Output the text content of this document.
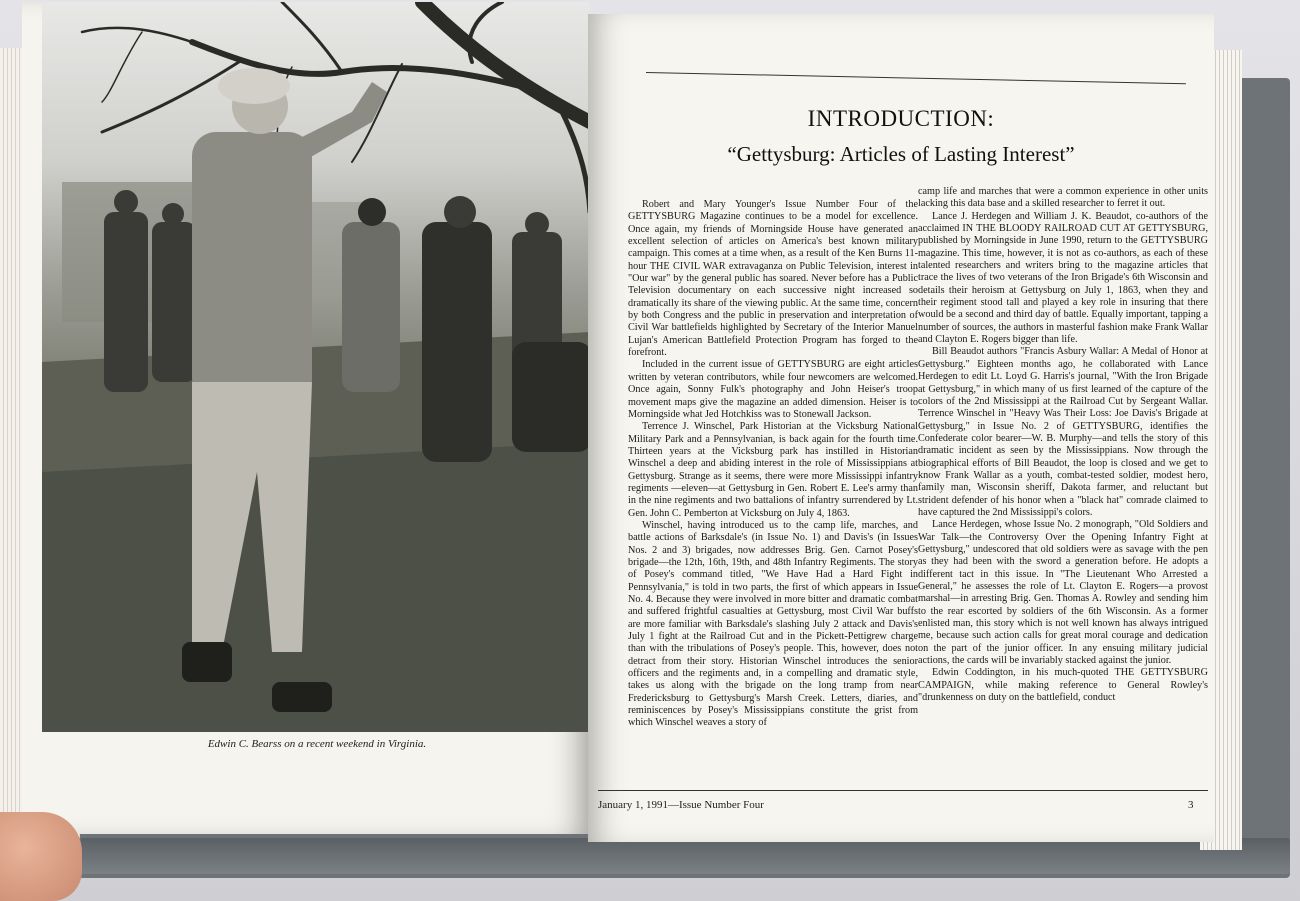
Edwin C. Bearss on a recent weekend in Virginia.
INTRODUCTION:
“Gettysburg: Articles of Lasting Interest”

Robert and Mary Younger's Issue Number Four of the GETTYSBURG Magazine continues to be a model for excellence. Once again, my friends of Morningside House have generated an excellent selection of articles on America's best known military campaign. This comes at a time when, as a result of the Ken Burns 11-hour THE CIVIL WAR extravaganza on Public Television, interest in "Our war" by the general public has soared. Never before has a Public Television documentary on each successive night increased so dramatically its share of the viewing public. At the same time, concern by both Congress and the public in preservation and interpretation of Civil War battlefields highlighted by Secretary of the Interior Manuel Lujan's American Battlefield Protection Program has forged to the forefront.

Included in the current issue of GETTYSBURG are eight articles written by veteran contributors, while four newcomers are welcomed. Once again, Sonny Fulk's photography and John Heiser's troop movement maps give the magazine an added dimension. Heiser is to Morningside what Jed Hotchkiss was to Stonewall Jackson.

Terrence J. Winschel, Park Historian at the Vicksburg National Military Park and a Pennsylvanian, is back again for the fourth time. Thirteen years at the Vicksburg park has instilled in Historian Winschel a deep and abiding interest in the role of Mississippians at Gettysburg. Strange as it seems, there were more Mississippi infantry regiments —eleven—at Gettysburg in Gen. Robert E. Lee's army than in the nine regiments and two battalions of infantry surrendered by Lt. Gen. John C. Pemberton at Vicksburg on July 4, 1863.

Winschel, having introduced us to the camp life, marches, and battle actions of Barksdale's (in Issue No. 1) and Davis's (in Issues Nos. 2 and 3) brigades, now addresses Brig. Gen. Carnot Posey's brigade—the 12th, 16th, 19th, and 48th Infantry Regiments. The story of Posey's command titled, "We Have Had a Hard Fight in Pennsylvania," is told in two parts, the first of which appears in Issue No. 4. Because they were involved in more bitter and dramatic combat and suffered frightful casualties at Gettysburg, most Civil War buffs are more familiar with Barksdale's slashing July 2 attack and Davis's July 1 fight at the Railroad Cut and in the Pickett-Pettigrew charge than with the tribulations of Posey's people. This, however, does not detract from their story. Historian Winschel introduces the senior officers and the regiments and, in a compelling and dramatic style, takes us along with the brigade on the long tramp from near Fredericksburg to Gettysburg's Marsh Creek. Letters, diaries, and reminiscences by Posey's Mississippians constitute the grist from which Winschel weaves a story of

camp life and marches that were a common experience in other units lacking this data base and a skilled researcher to ferret it out.

Lance J. Herdegen and William J. K. Beaudot, co-authors of the acclaimed IN THE BLOODY RAILROAD CUT AT GETTYSBURG, published by Morningside in June 1990, return to the GETTYSBURG magazine. This time, however, it is not as co-authors, as each of these talented researchers and writers bring to the magazine articles that trace the lives of two veterans of the Iron Brigade's 6th Wisconsin and details their heroism at Gettysburg on July 1, 1863, when they and their regiment stood tall and played a key role in insuring that there would be a second and third day of battle. Equally important, tapping a number of sources, the authors in masterful fashion make Frank Wallar and Clayton E. Rogers bigger than life.

Bill Beaudot authors "Francis Asbury Wallar: A Medal of Honor at Gettysburg." Eighteen months ago, he collaborated with Lance Herdegen to edit Lt. Loyd G. Harris's journal, "With the Iron Brigade at Gettysburg," in which many of us first learned of the capture of the colors of the 2nd Mississippi at the Railroad Cut by Sergeant Wallar. Terrence Winschel in "Heavy Was Their Loss: Joe Davis's Brigade at Gettysburg," in Issue No. 2 of GETTYSBURG, identifies the Confederate color bearer—W. B. Murphy—and tells the story of this dramatic incident as seen by the Mississippians. Now through the biographical efforts of Bill Beaudot, the loop is closed and we get to know Frank Wallar as a youth, combat-tested soldier, modest hero, family man, Wisconsin sheriff, Dakota farmer, and reluctant but strident defender of his honor when a "black hat" comrade claimed to have captured the 2nd Mississippi's colors.

Lance Herdegen, whose Issue No. 2 monograph, "Old Soldiers and War Talk—the Controversy Over the Opening Infantry Fight at Gettysburg," undescored that old soldiers were as savage with the pen as they had been with the sword a generation before. He adopts a different tact in this issue. In "The Lieutenant Who Arrested a General," he assesses the role of Lt. Clayton E. Rogers—a provost marshal—in arresting Brig. Gen. Thomas A. Rowley and sending him to the rear escorted by soldiers of the 6th Wisconsin. As a former enlisted man, this story which is not well known has always intrigued me, because such action calls for great moral courage and dedication on the part of the junior officer. In any ensuing military judicial actions, the cards will be invariably stacked against the junior.

Edwin Coddington, in his much-quoted THE GETTYSBURG CAMPAIGN, while making reference to General Rowley's "drunkenness on duty on the battlefield, conduct

January 1, 1991—Issue Number Four	3
